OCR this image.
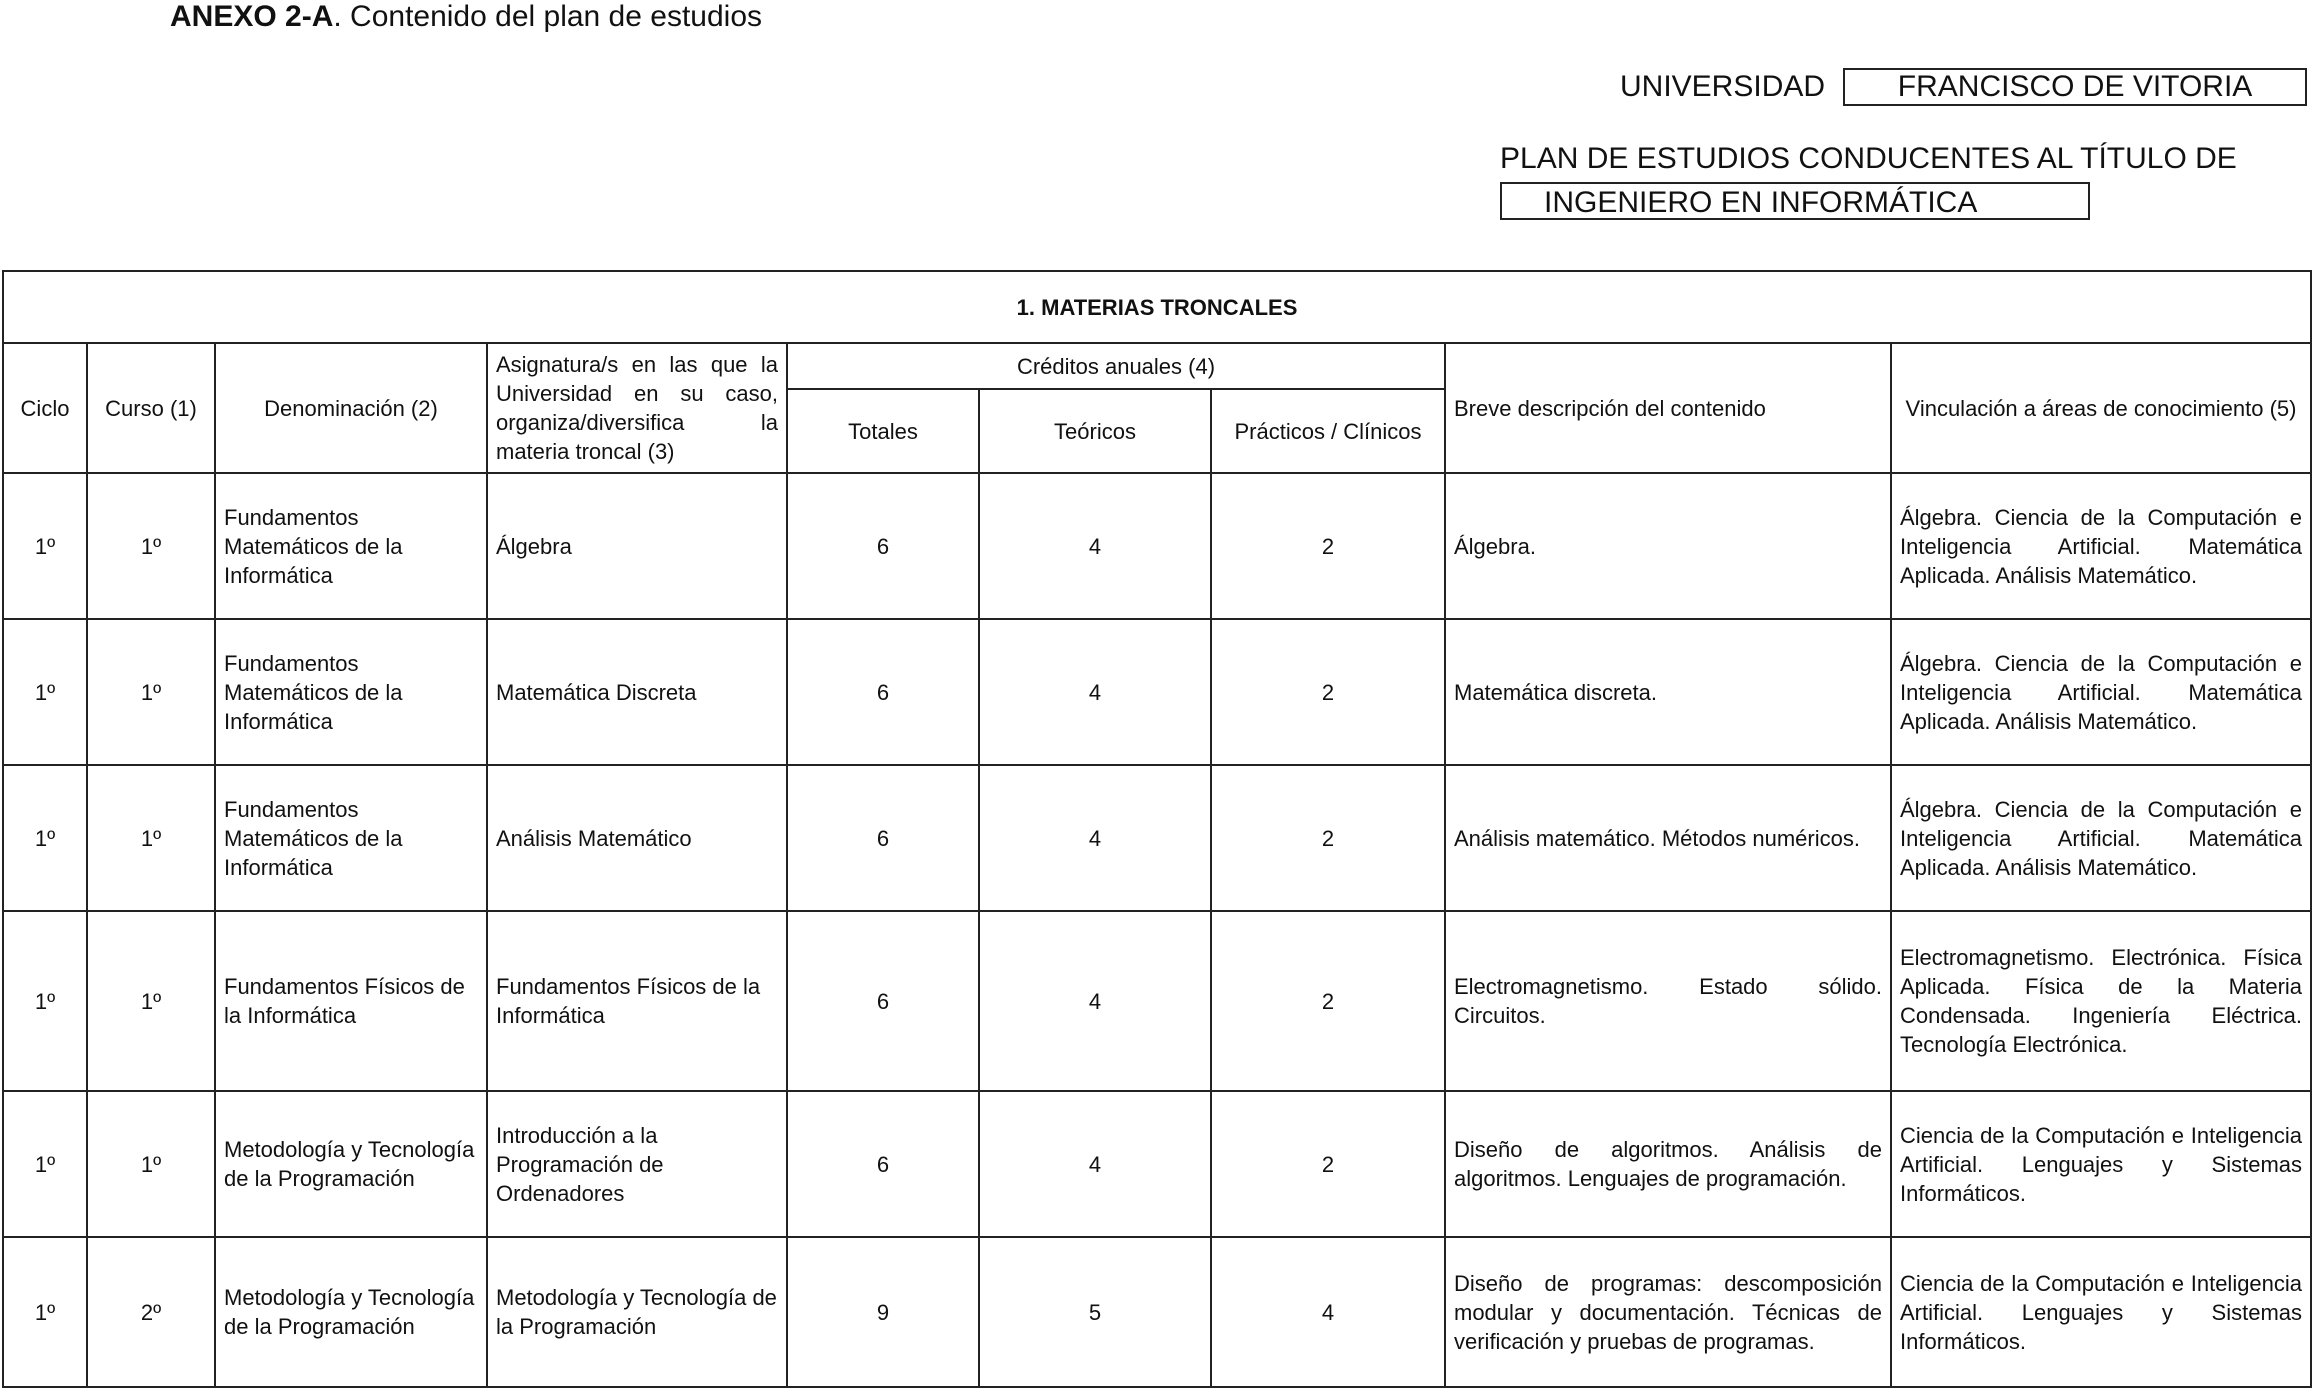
ANEXO 2-A. Contenido del plan de estudios
UNIVERSIDAD	FRANCISCO DE VITORIA
PLAN DE ESTUDIOS CONDUCENTES AL TÍTULO DE
INGENIERO EN INFORMÁTICA
1. MATERIAS TRONCALES								
Ciclo	Curso (1)	Denominación (2)	Asignatura/s en las que la Universidad en su caso, organiza/diversifica la materia troncal (3)	Créditos anuales (4)			Breve descripción del contenido	Vinculación a áreas de conocimiento (5)
				Totales	Teóricos	Prácticos / Clínicos		
1º	1º	Fundamentos Matemáticos de la Informática	Álgebra	6	4	2	Álgebra.	Álgebra. Ciencia de la Computación e Inteligencia Artificial. Matemática Aplicada. Análisis Matemático.
1º	1º	Fundamentos Matemáticos de la Informática	Matemática Discreta	6	4	2	Matemática discreta.	Álgebra. Ciencia de la Computación e Inteligencia Artificial. Matemática Aplicada. Análisis Matemático.
1º	1º	Fundamentos Matemáticos de la Informática	Análisis Matemático	6	4	2	Análisis matemático. Métodos numéricos.	Álgebra. Ciencia de la Computación e Inteligencia Artificial. Matemática Aplicada. Análisis Matemático.
1º	1º	Fundamentos Físicos de la Informática	Fundamentos Físicos de la Informática	6	4	2	Electromagnetismo. Estado sólido. Circuitos.	Electromagnetismo. Electrónica. Física Aplicada. Física de la Materia Condensada. Ingeniería Eléctrica. Tecnología Electrónica.
1º	1º	Metodología y Tecnología de la Programación	Introducción a la Programación de Ordenadores	6	4	2	Diseño de algoritmos. Análisis de algoritmos. Lenguajes de programación.	Ciencia de la Computación e Inteligencia Artificial. Lenguajes y Sistemas Informáticos.
1º	2º	Metodología y Tecnología de la Programación	Metodología y Tecnología de la Programación	9	5	4	Diseño de programas: descomposición modular y documentación. Técnicas de verificación y pruebas de programas.	Ciencia de la Computación e Inteligencia Artificial. Lenguajes y Sistemas Informáticos.
